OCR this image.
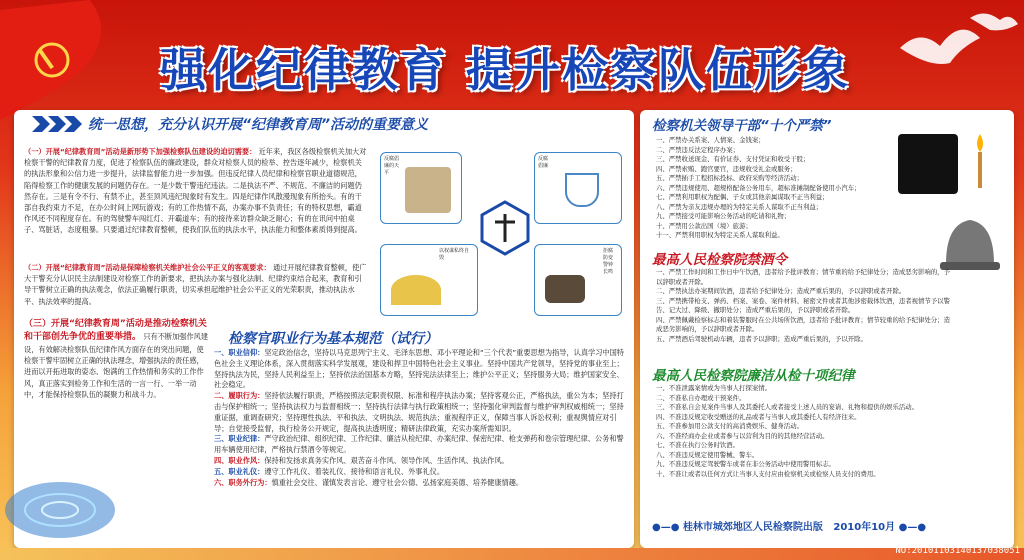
强化纪律教育 提升检察队伍形象
统一思想，充分认识开展“纪律教育周”活动的重要意义
（一）开展“纪律教育周”活动是新形势下加强检察队伍建设的迫切需要： 近年来，我区各级检察机关加大对检察干警的纪律教育力度，促进了检察队伍的廉政建设，群众对检察人员的检举、控告逐年减少，检察机关的执法形象和公信力进一步提升，法律监督能力进一步加强。但违反纪律人员纪律和检察官职业道德规范，陷得检察工作的健康发展的问题仍存在。一是少数干警违纪违法。二是执法不严、不规范、不廉洁的问题仍然存在。三是有令不行、有禁不止，甚至顶风违纪现象时有发生。四是纪律作风散漫现象有所抬头。有的干部自我约束力不足，在办公时间上网玩游戏；有的工作热情不高，办案办事不负责任；有的特权思想，霸道作风还不同程度存在。有的驾驶警车闯红灯、开霸道车；有的接待来访群众缺乏耐心；有的在讯问中拍桌子、骂脏话，态度粗暴。只要通过纪律教育整顿，使我们队伍的执法水平，执法能力和整体素质得到提高。
（二）开展“纪律教育周”活动是保障检察机关维护社会公平正义的客观要求： 通过开展纪律教育整顿，使广大干警充分认识民主法制建设对检察工作的新要求，把执法办案与强化法制、纪律约束结合起来，教育和引导干警树立正确的执法观念，依法正确履行职责，切实承担起维护社会公平正义的光荣职责，推动执法水平、执法效率的提高。
（三）开展“纪律教育周”活动是推动检察机关和干部创先争优的重要举措。 只有不断加强作风建设，有效解决检察队伍纪律作风方面存在的突出问题，使检察干警牢固树立正确的执法理念，增强执法的责任感，进而以开拓进取的姿态、饱满的工作热情和务实的工作作风，真正落实到检务工作和生活的一言一行、一举一动中，才能保持检察队伍的凝聚力和战斗力。
反腐倡廉的天平
反腐倡廉
以权谋私终自毁
拒腐防变警钟长鸣
检察官职业行为基本规范（试行）
一、职业信仰：坚定政治信念，坚持以马克思列宁主义、毛泽东思想、邓小平理论和“三个代表”重要思想为指导，认真学习中国特色社会主义理论体系，深入贯彻落实科学发展观，建设和捍卫中国特色社会主义事业。坚持中国共产党领导，坚持党的事业至上；坚持执法为民，坚持人民利益至上；坚持依法治国基本方略，坚持宪法法律至上；维护公平正义；坚持服务大局；维护国家安全、社会稳定。
二、履职行为：坚持依法履行职责，严格按照法定职责权限、标准和程序执法办案；坚持客观公正，严格执法，重公为本；坚持打击与保护相统一；坚持执法权力与监督相统一；坚持执行法律与执行政策相统一；坚持强化审判监督与维护审判权威相统一；坚持重证据，重调查研究；坚持理性执法、平和执法、文明执法、规范执法；重视程序正义，保障当事人诉讼权利；重视舆情应对引导；自觉接受监督，执行检务公开规定，提高执法透明度；精研法律政策，充实办案所需知识。
三、职业纪律：严守政治纪律、组织纪律、工作纪律、廉洁从检纪律、办案纪律、保密纪律、枪支弹药和卷宗管理纪律、公务和警用车辆使用纪律，严格执行禁酒令等规定。
四、职业作风：保持和发扬求真务实作风、艰苦奋斗作风、领导作风、生活作风、执法作风。
五、职业礼仪：遵守工作礼仪、着装礼仪、接待和语言礼仪、外事礼仪。
六、职务外行为：慎重社会交往、谨慎发表言论、遵守社会公德、弘扬家庭美德、培养健康情趣。
检察机关领导干部“十个严禁”
一、严禁办关系案、人情案、金钱案；
二、严禁违反法定程序办案；
三、严禁收送现金、有价证券、支付凭证和收受干股；
四、严禁索贿、跑官要官，违规收受礼金或服务；
五、严禁插手工程招标投标、政府采购等经济活动；
六、严禁违规使用、超规格配备公务用车，超标准摊制配备使用小汽车；
七、严禁利用职权为配偶、子女或其他亲属谋取不正当利益；
八、严禁为亲友违规办理的为特定关系人谋取不正当利益；
九、严禁接受可能影响公务活动的吃请和礼物；
十、严禁用公款出国（境）旅游；
十一、严禁利用职权为特定关系人谋取利益。
最高人民检察院禁酒令
一、严禁工作时间和工作日中午饮酒，违者给予批评教育；情节重的给予纪律处分；造成恶劣影响的，予以辞职或者开除。
二、严禁执法办案期间饮酒，违者给予纪律处分；造成严重后果的，予以辞职或者开除。
三、严禁携带枪支、弹药、档案、案卷、案件材料、秘密文件或者其他涉密载体饮酒，违者视情节予以警告、记大过、降级、撤职处分；造成严重后果的，予以辞职或者开除。
四、严禁佩戴检察标志和着装警服时在公共场所饮酒，违者给予批评教育；情节较重的给予纪律处分；造成恶劣影响的，予以辞职或者开除。
五、严禁酒后驾驶机动车辆，违者予以辞职；造成严重后果的，予以开除。
最高人民检察院廉洁从检十项纪律
一、不准泄露案情或为当事人打探案情。
二、不准私自办理或干预案件。
三、不准私自会见案件当事人及其委托人或者接受上述人员的宴请、礼物和提供的娱乐活动。
四、不准违反规定收受赠送的礼品或者与当事人或其委托人有经济往来。
五、不准参加用公款支付的高消费娱乐、健身活动。
六、不准经商办企业或者参与以营利为目的的其他经营活动。
七、不准在执行公务时饮酒。
八、不准违反规定使用警械、警车。
九、不准违反规定驾驶警车或者在非公务活动中使用警用标志。
十、不准让或者以任何方式让当事人支付应由检察机关或检察人员支付的费用。
●—● 桂林市城郊地区人民检察院出版 2010年10月 ●—●
NO:20101103140137038051
